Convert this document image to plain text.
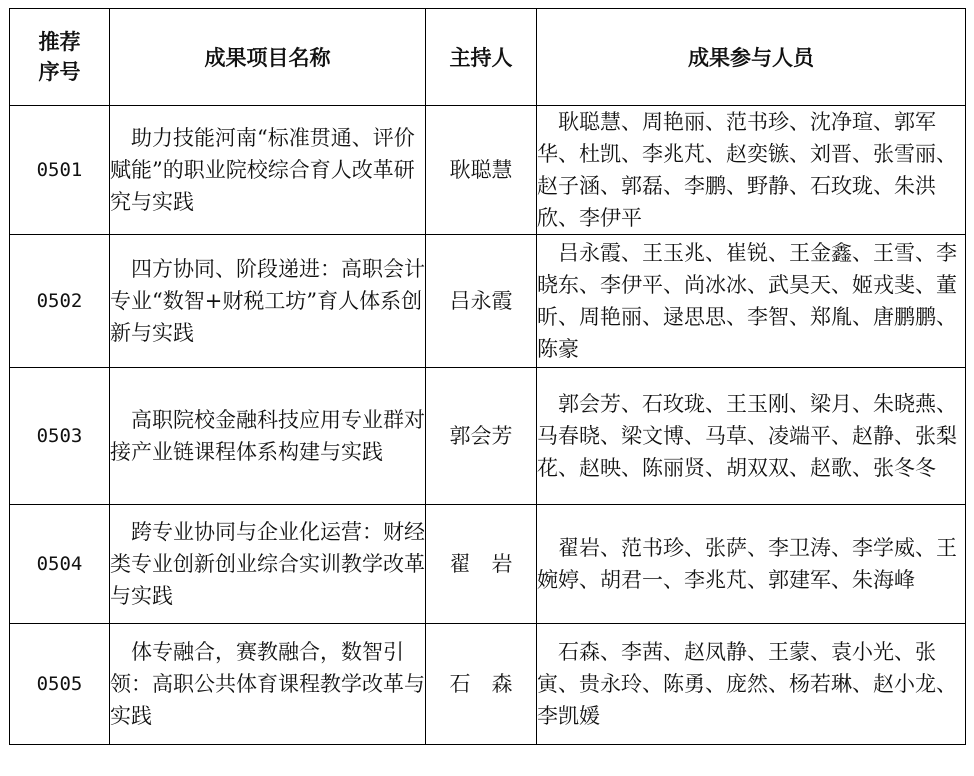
推荐序号	成果项目名称	主持人	成果参与人员
0501	助力技能河南“标准贯通、评价赋能”的职业院校综合育人改革研究与实践	耿聪慧	耿聪慧、周艳丽、范书珍、沈净瑄、郭军华、杜凯、李兆芃、赵奕镞、刘晋、张雪丽、赵子涵、郭磊、李鹏、野静、石玫珑、朱洪欣、李伊平
0502	四方协同、阶段递进：高职会计专业“数智+财税工坊”育人体系创新与实践	吕永霞	吕永霞、王玉兆、崔锐、王金鑫、王雪、李晓东、李伊平、尚冰冰、武昊天、姬戎斐、董昕、周艳丽、逯思思、李智、郑胤、唐鹏鹏、陈豪
0503	高职院校金融科技应用专业群对接产业链课程体系构建与实践	郭会芳	郭会芳、石玫珑、王玉刚、梁月、朱晓燕、马春晓、梁文博、马草、凌端平、赵静、张梨花、赵映、陈丽贤、胡双双、赵歌、张冬冬
0504	跨专业协同与企业化运营：财经类专业创新创业综合实训教学改革与实践	翟　岩	翟岩、范书珍、张萨、李卫涛、李学威、王婉婷、胡君一、李兆芃、郭建军、朱海峰
0505	体专融合，赛教融合，数智引领：高职公共体育课程教学改革与实践	石　森	石森、李茜、赵凤静、王蒙、袁小光、张寅、贵永玲、陈勇、庞然、杨若琳、赵小龙、李凯媛
